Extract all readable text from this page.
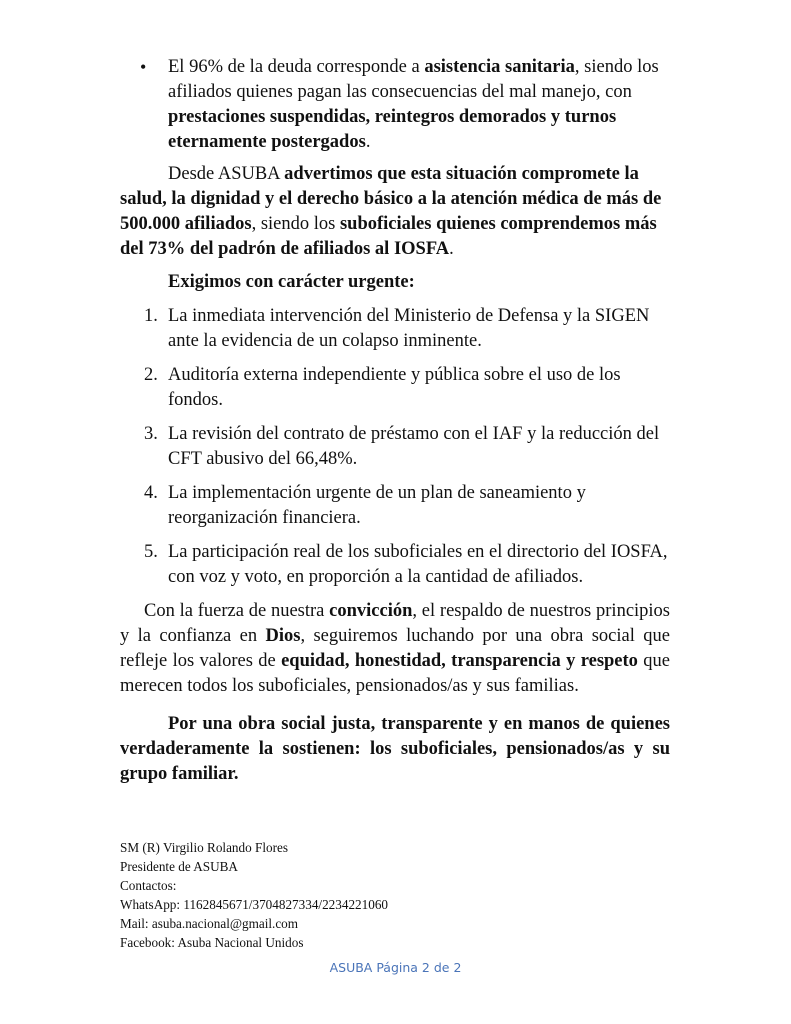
• El 96% de la deuda corresponde a asistencia sanitaria, siendo los
afiliados quienes pagan las consecuencias del mal manejo, con
prestaciones suspendidas, reintegros demorados y turnos
eternamente postergados.
Desde ASUBA advertimos que esta situación compromete la
salud, la dignidad y el derecho básico a la atención médica de más de
500.000 afiliados, siendo los suboficiales quienes comprendemos más
del 73% del padrón de afiliados al IOSFA.
Exigimos con carácter urgente:
1. La inmediata intervención del Ministerio de Defensa y la SIGEN
ante la evidencia de un colapso inminente.
2. Auditoría externa independiente y pública sobre el uso de los
fondos.
3. La revisión del contrato de préstamo con el IAF y la reducción del
CFT abusivo del 66,48%.
4. La implementación urgente de un plan de saneamiento y
reorganización financiera.
5. La participación real de los suboficiales en el directorio del IOSFA,
con voz y voto, en proporción a la cantidad de afiliados.
Con la fuerza de nuestra convicción, el respaldo de nuestros principios
y la confianza en Dios, seguiremos luchando por una obra social que
refleje los valores de equidad, honestidad, transparencia y respeto que
merecen todos los suboficiales, pensionados/as y sus familias.
Por una obra social justa, transparente y en manos de quienes
verdaderamente la sostienen: los suboficiales, pensionados/as y su
grupo familiar.
SM (R) Virgilio Rolando Flores
Presidente de ASUBA
Contactos:
WhatsApp: 1162845671/3704827334/2234221060
Mail: asuba.nacional@gmail.com
Facebook: Asuba Nacional Unidos
ASUBA Página 2 de 2
